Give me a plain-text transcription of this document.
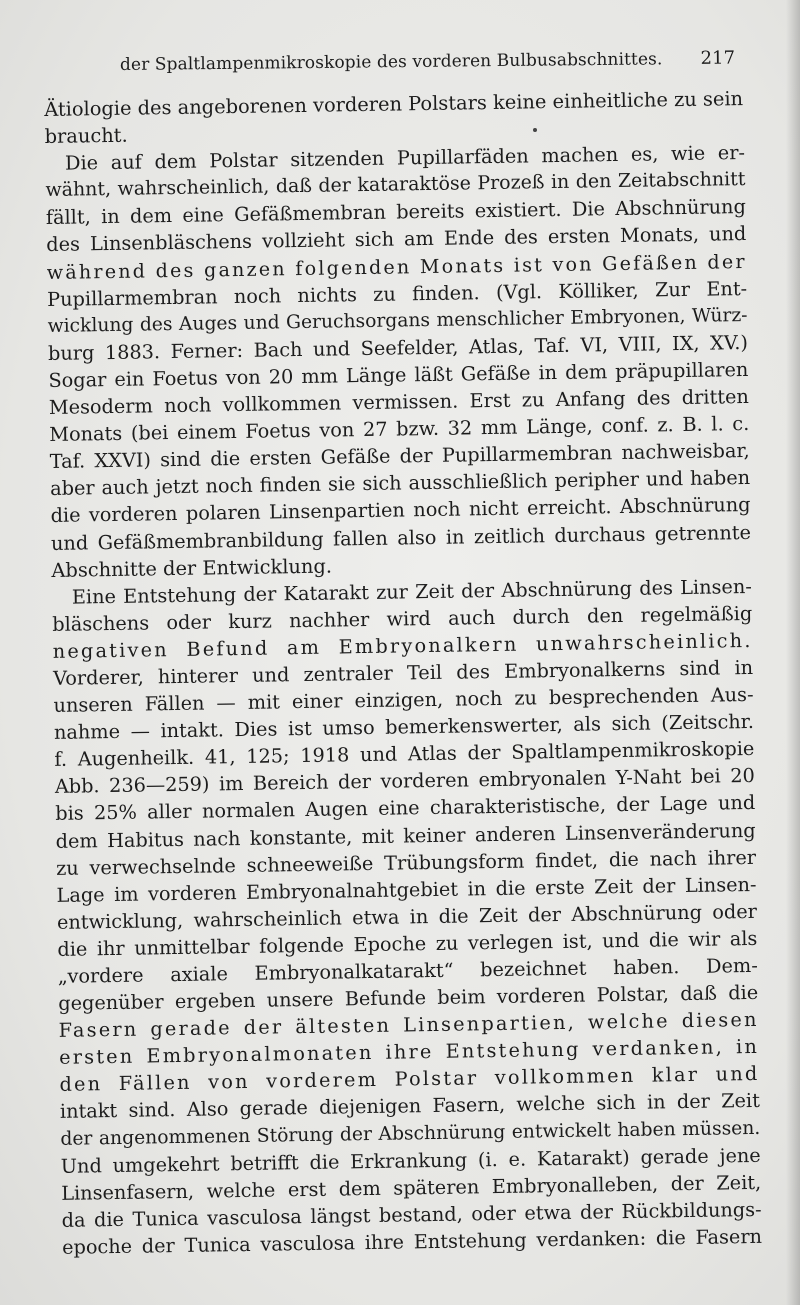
der Spaltlampenmikroskopie des vorderen Bulbusabschnittes. 217
Ätiologie des angeborenen vorderen Polstars keine einheitliche zu sein
braucht.
Die auf dem Polstar sitzenden Pupillarfäden machen es, wie er-
wähnt, wahrscheinlich, daß der kataraktöse Prozeß in den Zeitabschnitt
fällt, in dem eine Gefäßmembran bereits existiert. Die Abschnürung
des Linsenbläschens vollzieht sich am Ende des ersten Monats, und
während des ganzen folgenden Monats ist von Gefäßen der
Pupillarmembran noch nichts zu finden. (Vgl. Kölliker, Zur Ent-
wicklung des Auges und Geruchsorgans menschlicher Embryonen, Würz-
burg 1883. Ferner: Bach und Seefelder, Atlas, Taf. VI, VIII, IX, XV.)
Sogar ein Foetus von 20 mm Länge läßt Gefäße in dem präpupillaren
Mesoderm noch vollkommen vermissen. Erst zu Anfang des dritten
Monats (bei einem Foetus von 27 bzw. 32 mm Länge, conf. z. B. l. c.
Taf. XXVI) sind die ersten Gefäße der Pupillarmembran nachweisbar,
aber auch jetzt noch finden sie sich ausschließlich peripher und haben
die vorderen polaren Linsenpartien noch nicht erreicht. Abschnürung
und Gefäßmembranbildung fallen also in zeitlich durchaus getrennte
Abschnitte der Entwicklung.
Eine Entstehung der Katarakt zur Zeit der Abschnürung des Linsen-
bläschens oder kurz nachher wird auch durch den regelmäßig
negativen Befund am Embryonalkern unwahrscheinlich.
Vorderer, hinterer und zentraler Teil des Embryonalkerns sind in
unseren Fällen — mit einer einzigen, noch zu besprechenden Aus-
nahme — intakt. Dies ist umso bemerkenswerter, als sich (Zeitschr.
f. Augenheilk. 41, 125; 1918 und Atlas der Spaltlampenmikroskopie
Abb. 236—259) im Bereich der vorderen embryonalen Y-Naht bei 20
bis 25% aller normalen Augen eine charakteristische, der Lage und
dem Habitus nach konstante, mit keiner anderen Linsenveränderung
zu verwechselnde schneeweiße Trübungsform findet, die nach ihrer
Lage im vorderen Embryonalnahtgebiet in die erste Zeit der Linsen-
entwicklung, wahrscheinlich etwa in die Zeit der Abschnürung oder
die ihr unmittelbar folgende Epoche zu verlegen ist, und die wir als
„vordere axiale Embryonalkatarakt“ bezeichnet haben. Dem-
gegenüber ergeben unsere Befunde beim vorderen Polstar, daß die
Fasern gerade der ältesten Linsenpartien, welche diesen
ersten Embryonalmonaten ihre Entstehung verdanken, in
den Fällen von vorderem Polstar vollkommen klar und
intakt sind. Also gerade diejenigen Fasern, welche sich in der Zeit
der angenommenen Störung der Abschnürung entwickelt haben müssen.
Und umgekehrt betrifft die Erkrankung (i. e. Katarakt) gerade jene
Linsenfasern, welche erst dem späteren Embryonalleben, der Zeit,
da die Tunica vasculosa längst bestand, oder etwa der Rückbildungs-
epoche der Tunica vasculosa ihre Entstehung verdanken: die Fasern
